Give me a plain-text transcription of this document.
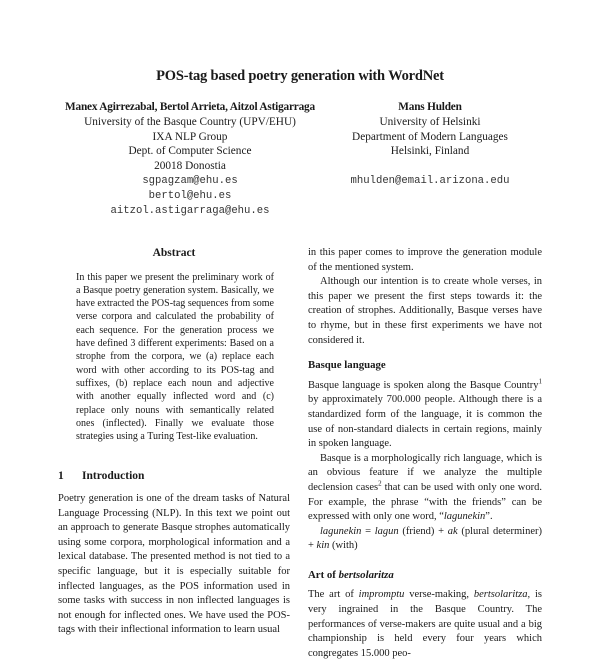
POS-tag based poetry generation with WordNet
Manex Agirrezabal, Bertol Arrieta, Aitzol Astigarraga
University of the Basque Country (UPV/EHU)
IXA NLP Group
Dept. of Computer Science
20018 Donostia
sgpagzam@ehu.es
bertol@ehu.es
aitzol.astigarraga@ehu.es
Mans Hulden
University of Helsinki
Department of Modern Languages
Helsinki, Finland

mhulden@email.arizona.edu
Abstract

In this paper we present the preliminary work of a Basque poetry generation system. Basically, we have extracted the POS-tag sequences from some verse corpora and calculated the probability of each sequence. For the generation process we have defined 3 different experiments: Based on a strophe from the corpora, we (a) replace each word with other according to its POS-tag and suffixes, (b) replace each noun and adjective with another equally inflected word and (c) replace only nouns with semantically related ones (inflected). Finally we evaluate those strategies using a Turing Test-like evaluation.

1 Introduction

Poetry generation is one of the dream tasks of Natural Language Processing (NLP). In this text we point out an approach to generate Basque strophes automatically using some corpora, morphological information and a lexical database. The presented method is not tied to a specific language, but it is especially suitable for inflected languages, as the POS information used in some tasks with success in non inflected languages is not enough for inflected ones. We have used the POS-tags with their inflectional information to learn usual

in this paper comes to improve the generation module of the mentioned system.

Although our intention is to create whole verses, in this paper we present the first steps towards it: the creation of strophes. Additionally, Basque verses have to rhyme, but in these first experiments we have not considered it.

Basque language

Basque language is spoken along the Basque Country$^1$ by approximately 700.000 people. Although there is a standardized form of the language, it is common the use of non-standard dialects in certain regions, mainly in spoken language.

Basque is a morphologically rich language, which is an obvious feature if we analyze the multiple declension cases$^2$ that can be used with only one word. For example, the phrase “with the friends” can be expressed with only one word, “lagunekin”.

lagunekin = lagun (friend) + ak (plural determiner) + kin (with)

Art of bertsolaritza

The art of impromptu verse-making, bertsolaritza, is very ingrained in the Basque Country. The performances of verse-makers are quite usual and a big championship is held every four years which congregates 15.000 peo-
